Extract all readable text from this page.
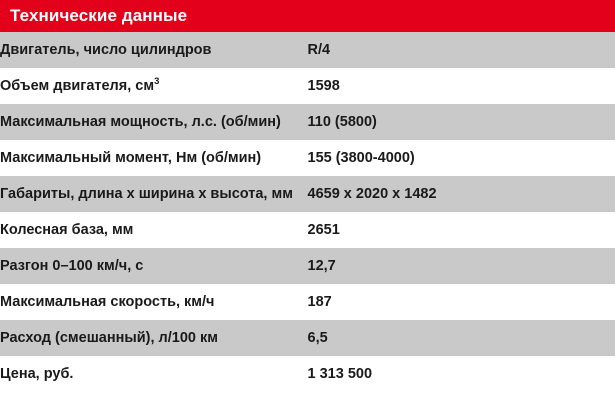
Технические данные	
Двигатель, число цилиндров	R/4
Объем двигателя, $см^3$	1598
Максимальная мощность, л.с. (об/мин)	110 (5800)
Максимальный момент, Нм (об/мин)	155 (3800-4000)
Габариты, длина х ширина х высота, мм	4659 х 2020 х 1482
Колесная база, мм	2651
Разгон 0–100 км/ч, с	12,7
Максимальная скорость, км/ч	187
Расход (смешанный), л/100 км	6,5
Цена, руб.	1 313 500
